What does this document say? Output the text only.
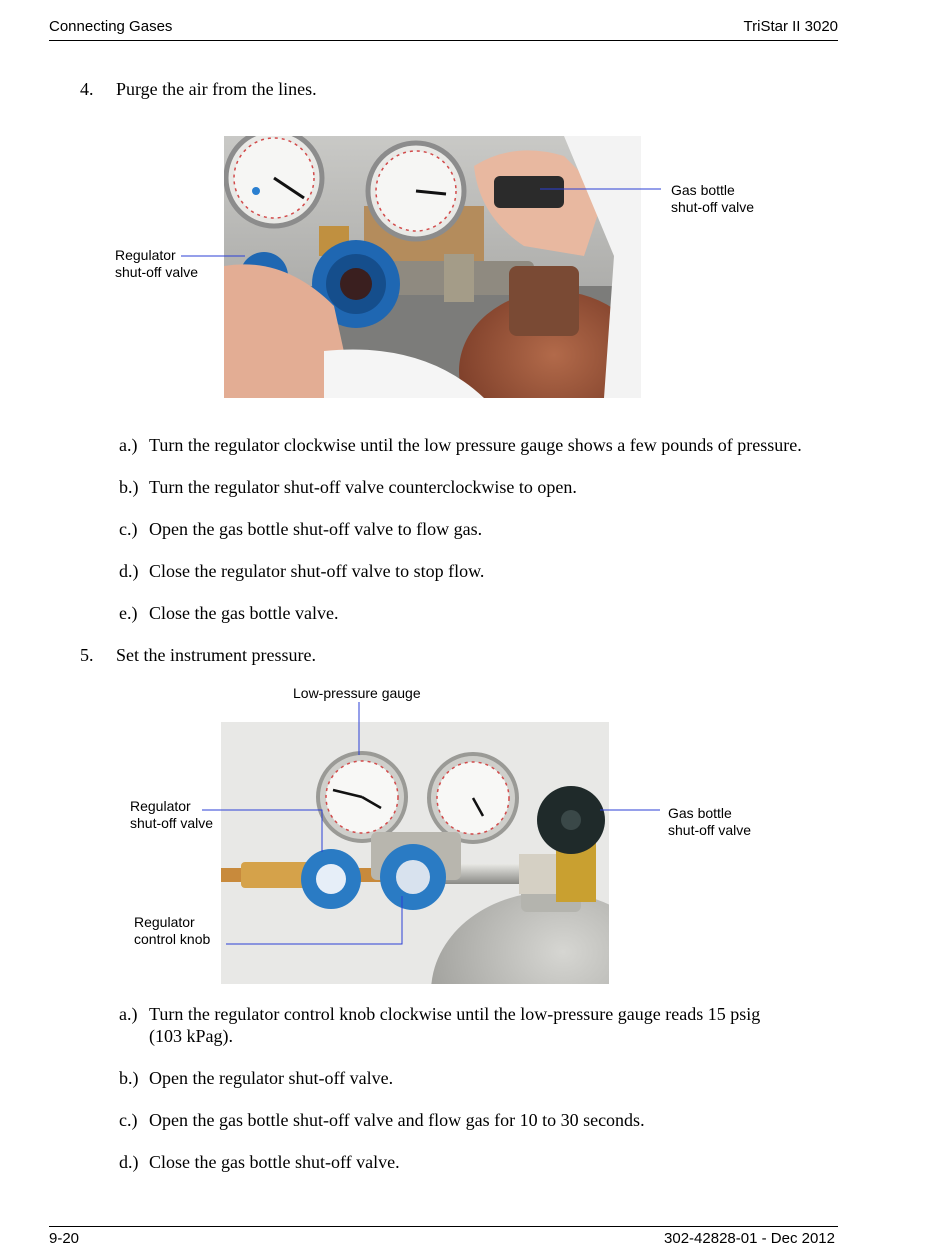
Connecting Gases	TriStar II 3020
4. Purge the air from the lines.
Gas bottle
shut-off valve
Regulator
shut-off valve
a.) Turn the regulator clockwise until the low pressure gauge shows a few pounds of pressure.
b.) Turn the regulator shut-off valve counterclockwise to open.
c.) Open the gas bottle shut-off valve to flow gas.
d.) Close the regulator shut-off valve to stop flow.
e.) Close the gas bottle valve.
5. Set the instrument pressure.
Low-pressure gauge
Regulator
shut-off valve
Gas bottle
shut-off valve
Regulator
control knob
a.) Turn the regulator control knob clockwise until the low-pressure gauge reads 15 psig
(103 kPag).
b.) Open the regulator shut-off valve.
c.) Open the gas bottle shut-off valve and flow gas for 10 to 30 seconds.
d.) Close the gas bottle shut-off valve.
9-20	302-42828-01 - Dec 2012
